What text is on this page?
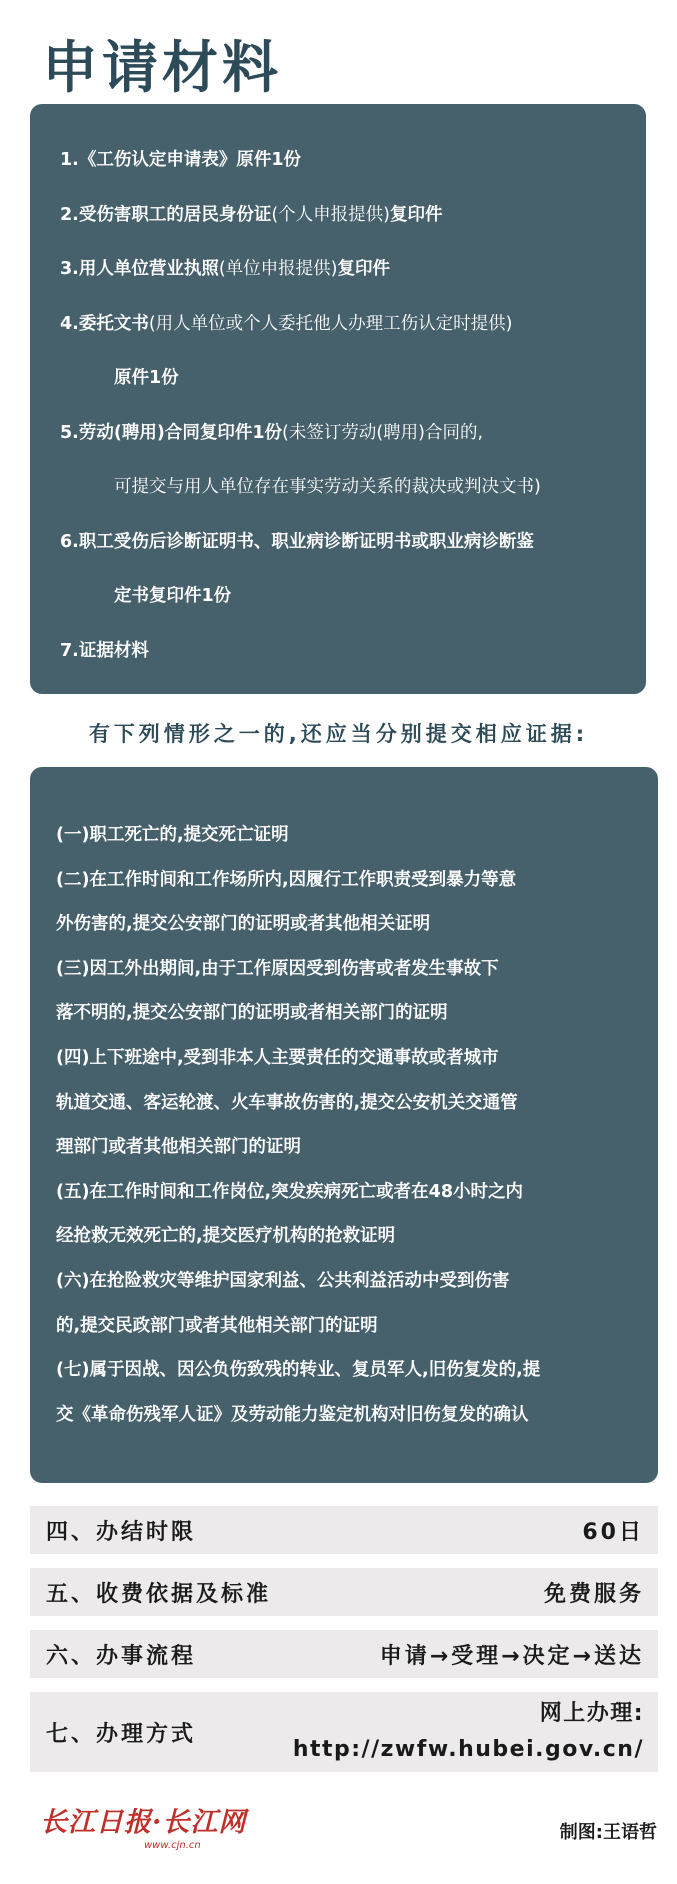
申请材料
1.《工伤认定申请表》原件1份
2.受伤害职工的居民身份证(个人申报提供)复印件
3.用人单位营业执照(单位申报提供)复印件
4.委托文书(用人单位或个人委托他人办理工伤认定时提供)
原件1份
5.劳动(聘用)合同复印件1份(未签订劳动(聘用)合同的,
可提交与用人单位存在事实劳动关系的裁决或判决文书)
6.职工受伤后诊断证明书、职业病诊断证明书或职业病诊断鉴
定书复印件1份
7.证据材料
有下列情形之一的,还应当分别提交相应证据:
(一)职工死亡的,提交死亡证明
(二)在工作时间和工作场所内,因履行工作职责受到暴力等意
外伤害的,提交公安部门的证明或者其他相关证明
(三)因工外出期间,由于工作原因受到伤害或者发生事故下
落不明的,提交公安部门的证明或者相关部门的证明
(四)上下班途中,受到非本人主要责任的交通事故或者城市
轨道交通、客运轮渡、火车事故伤害的,提交公安机关交通管
理部门或者其他相关部门的证明
(五)在工作时间和工作岗位,突发疾病死亡或者在48小时之内
经抢救无效死亡的,提交医疗机构的抢救证明
(六)在抢险救灾等维护国家利益、公共利益活动中受到伤害
的,提交民政部门或者其他相关部门的证明
(七)属于因战、因公负伤致残的转业、复员军人,旧伤复发的,提
交《革命伤残军人证》及劳动能力鉴定机构对旧伤复发的确认
四、办结时限	60日
五、收费依据及标准	免费服务
六、办事流程	申请→受理→决定→送达
七、办理方式
网上办理:
http://zwfw.hubei.gov.cn/
长江日报·长江网
www.cjn.cn
制图:王语哲
